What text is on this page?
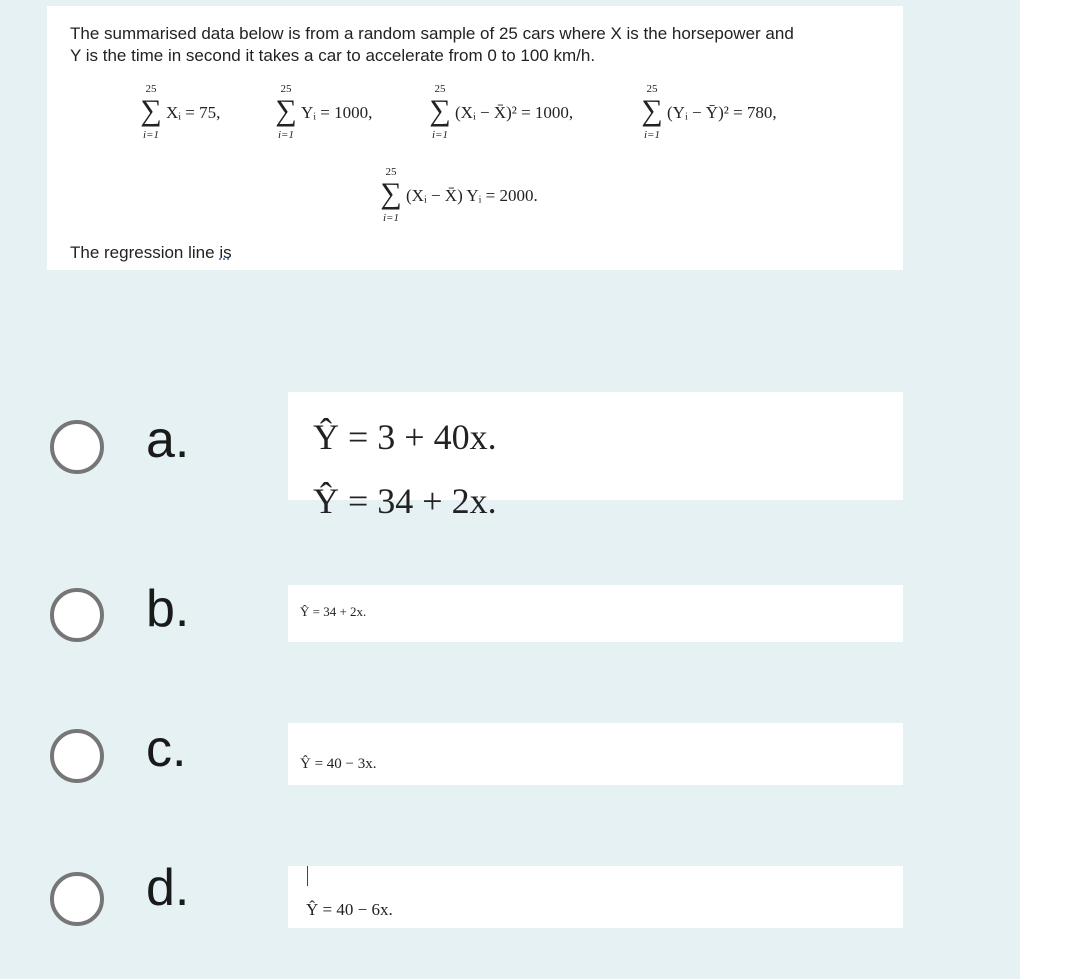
The summarised data below is from a random sample of 25 cars where X is the horsepower and
Y is the time in second it takes a car to accelerate from 0 to 100 km/h.
25
∑
i=1
Xᵢ = 75,
25
∑
i=1
Yᵢ = 1000,
25
∑
i=1
(Xᵢ − X̄)² = 1000,
25
∑
i=1
(Yᵢ − Ȳ)² = 780,
25
∑
i=1
(Xᵢ − X̄) Yᵢ = 2000.
The regression line is
a.	Ŷ = 3 + 40x.
Ŷ = 34 + 2x.
b.	Ŷ = 34 + 2x.
c.	Ŷ = 40 − 3x.
d.	Ŷ = 40 − 6x.
